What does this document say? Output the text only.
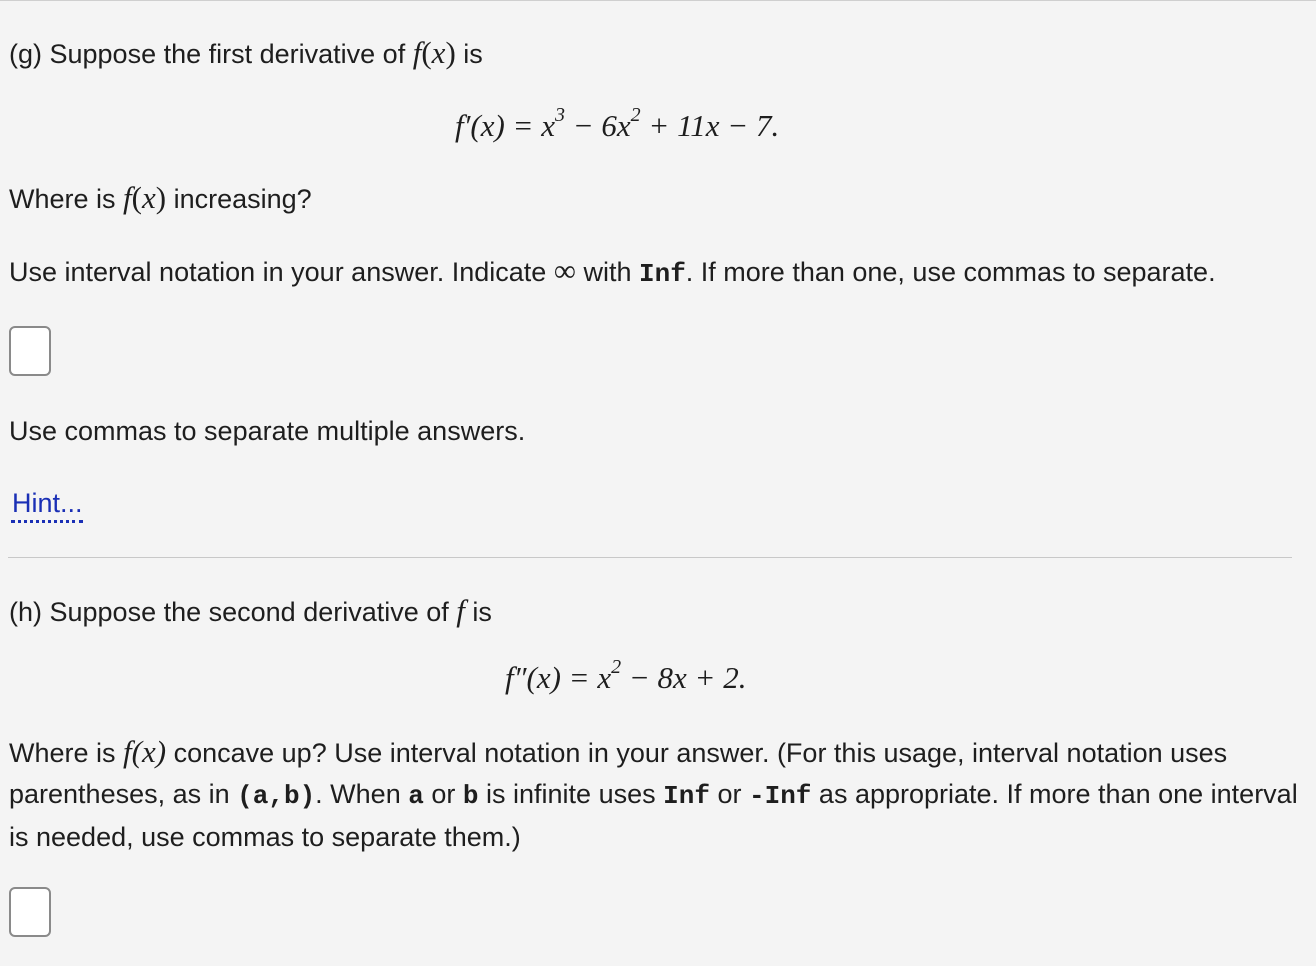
(g) Suppose the first derivative of f(x) is
$f'(x) = x^3 - 6x^2 + 11x - 7$.
Where is f(x) increasing?
Use interval notation in your answer. Indicate ∞ with Inf. If more than one, use commas to separate.
Use commas to separate multiple answers.
Hint...
(h) Suppose the second derivative of f is
$f''(x) = x^2 - 8x + 2$.
Where is f(x) concave up? Use interval notation in your answer. (For this usage, interval notation uses parentheses, as in (a,b). When a or b is infinite uses Inf or -Inf as appropriate. If more than one interval is needed, use commas to separate them.)
